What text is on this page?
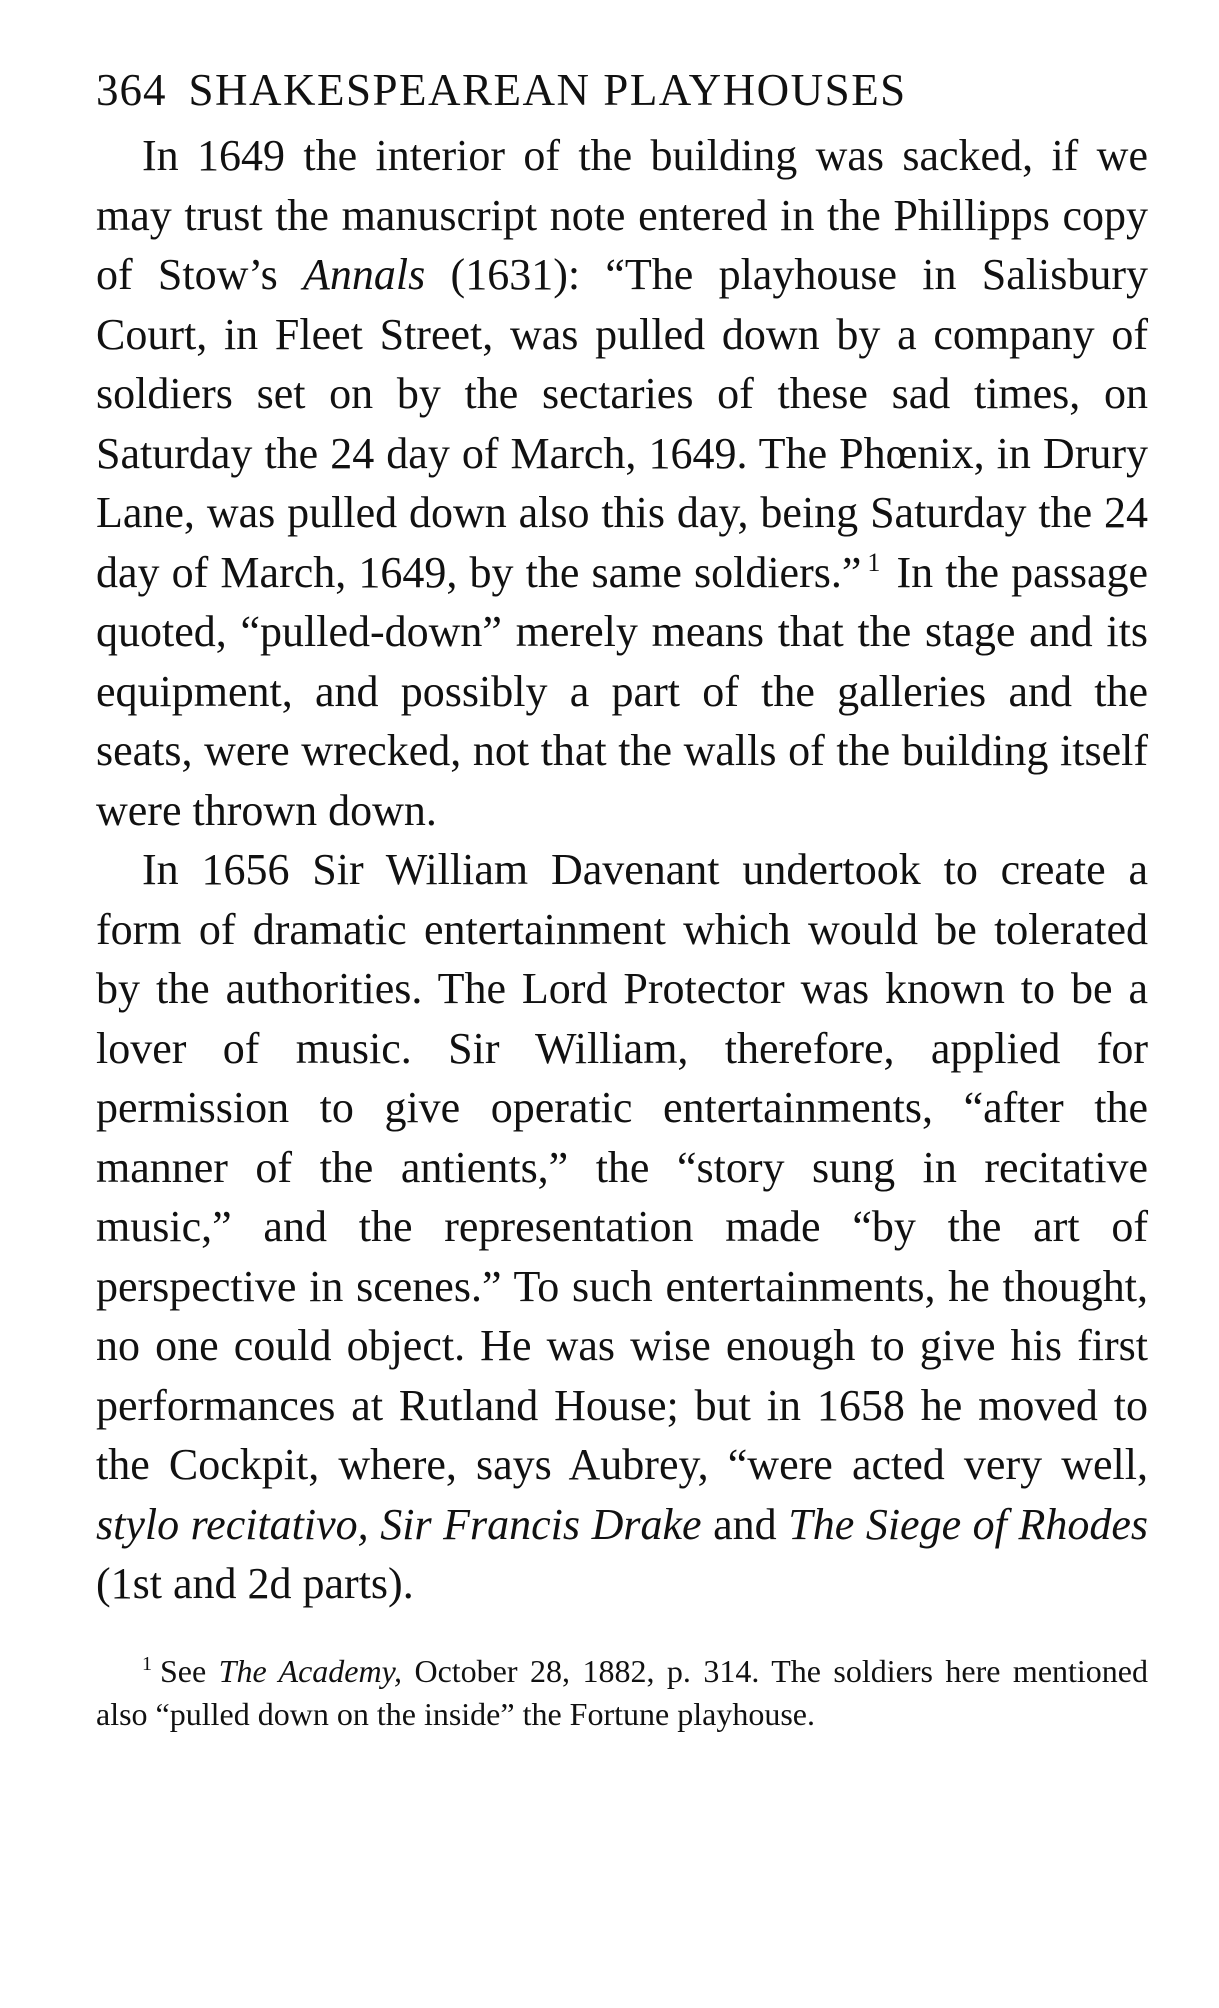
364 SHAKESPEAREAN PLAYHOUSES

In 1649 the interior of the building was sacked, if we may trust the manuscript note entered in the Phillipps copy of Stow’s Annals (1631): “The playhouse in Salisbury Court, in Fleet Street, was pulled down by a company of soldiers set on by the sectaries of these sad times, on Saturday the 24 day of March, 1649. The Phœnix, in Drury Lane, was pulled down also this day, being Saturday the 24 day of March, 1649, by the same soldiers.” $^1$ In the passage quoted, “pulled-down” merely means that the stage and its equipment, and possibly a part of the galleries and the seats, were wrecked, not that the walls of the building itself were thrown down.

In 1656 Sir William Davenant undertook to create a form of dramatic entertainment which would be tolerated by the authorities. The Lord Protector was known to be a lover of music. Sir William, therefore, applied for permission to give operatic entertainments, “after the manner of the antients,” the “story sung in recitative music,” and the representation made “by the art of perspective in scenes.” To such entertainments, he thought, no one could object. He was wise enough to give his first performances at Rutland House; but in 1658 he moved to the Cockpit, where, says Aubrey, “were acted very well, stylo recitativo, Sir Francis Drake and The Siege of Rhodes (1st and 2d parts).

$^1$ See The Academy, October 28, 1882, p. 314. The soldiers here mentioned also “pulled down on the inside” the Fortune playhouse.
